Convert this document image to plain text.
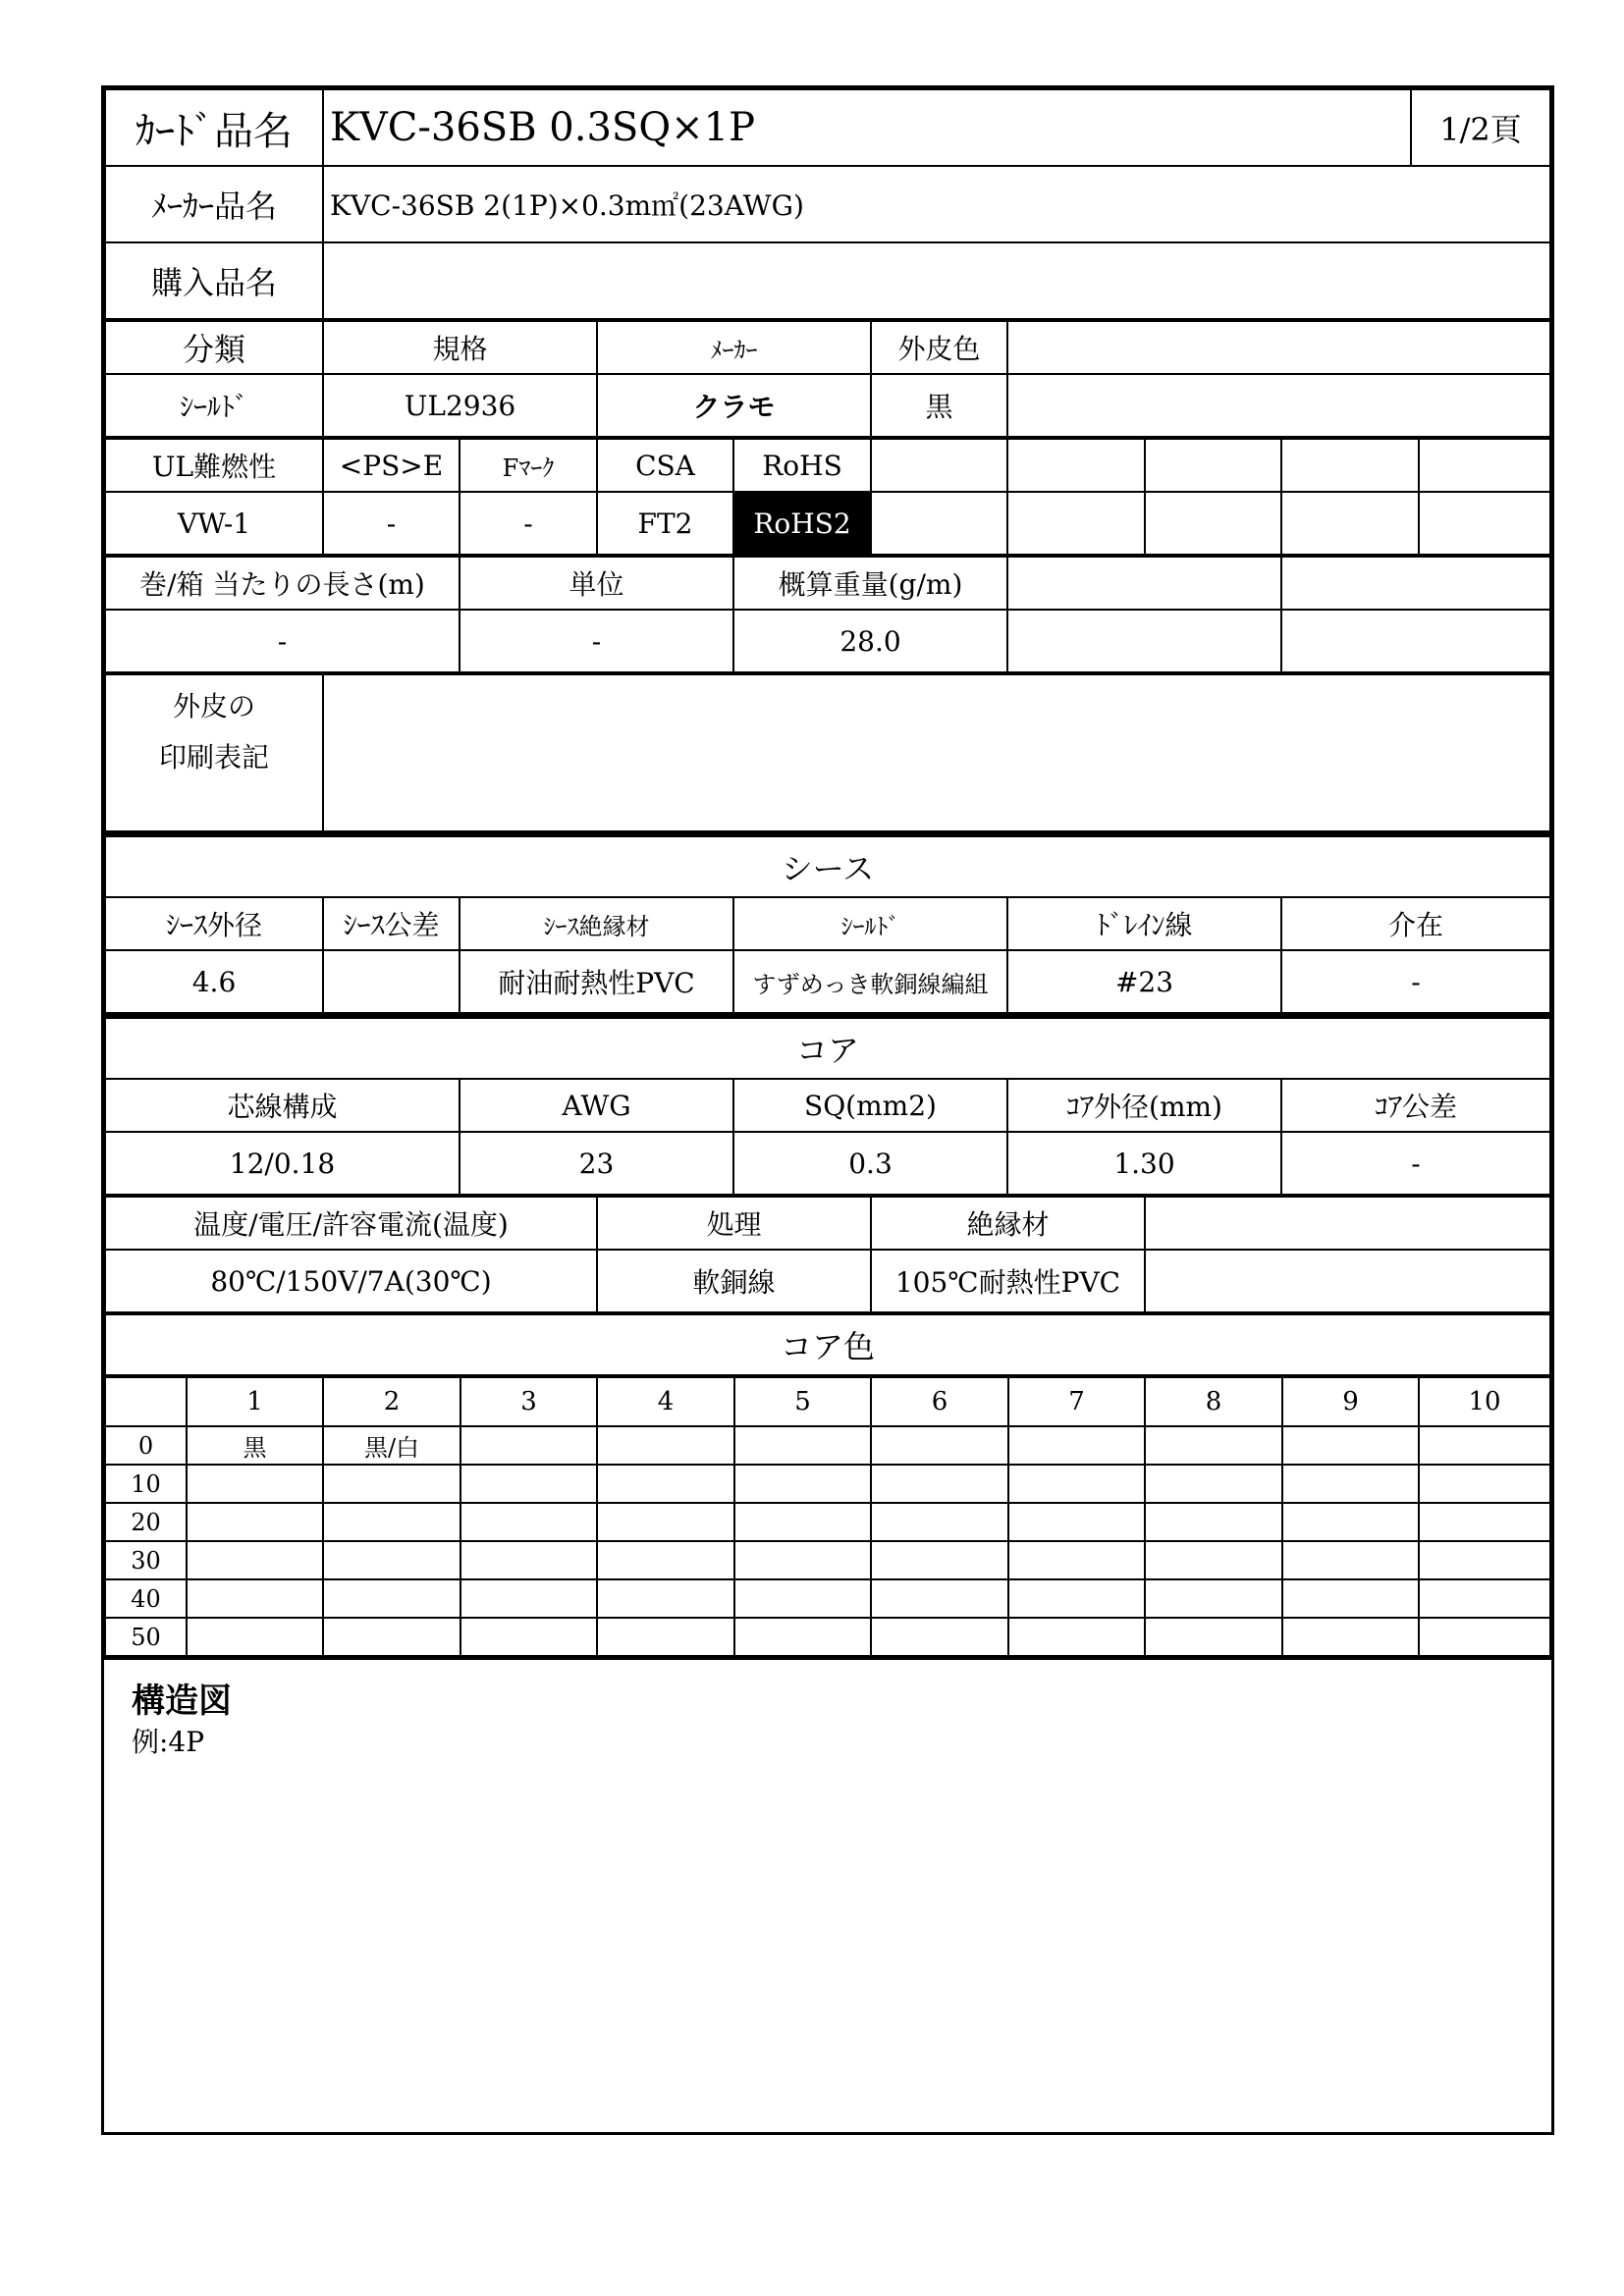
ｶｰﾄﾞ品名	KVC-36SB 0.3SQ×1P	1/2頁
ﾒｰｶｰ品名	KVC-36SB 2(1P)×0.3m㎡(23AWG)	
購入品名		
分類	規格	ﾒｰｶｰ	外皮色	
ｼｰﾙﾄﾞ	UL2936	クラモ	黒	
UL難燃性	<PS>E	Fﾏｰｸ	CSA	RoHS					
VW-1	-	-	FT2	RoHS2					
巻/箱 当たりの長さ(m)	単位	概算重量(g/m)		
-	-	28.0		
外皮の
印刷表記

シース					
ｼｰｽ外径	ｼｰｽ公差	ｼｰｽ絶縁材	ｼｰﾙﾄﾞ	ﾄﾞﾚｲﾝ線	介在
4.6		耐油耐熱性PVC	すずめっき軟銅線編組	#23	-
コア				
芯線構成	AWG	SQ(mm2)	ｺｱ外径(mm)	ｺｱ公差
12/0.18	23	0.3	1.30	-
温度/電圧/許容電流(温度)	処理	絶縁材	
80℃/150V/7A(30℃)	軟銅線	105℃耐熱性PVC	
コア色
	1	2	3	4	5	6	7	8	9	10
0	黒	黒/白								
10										
20										
30										
40										
50										
構造図
例:4P
